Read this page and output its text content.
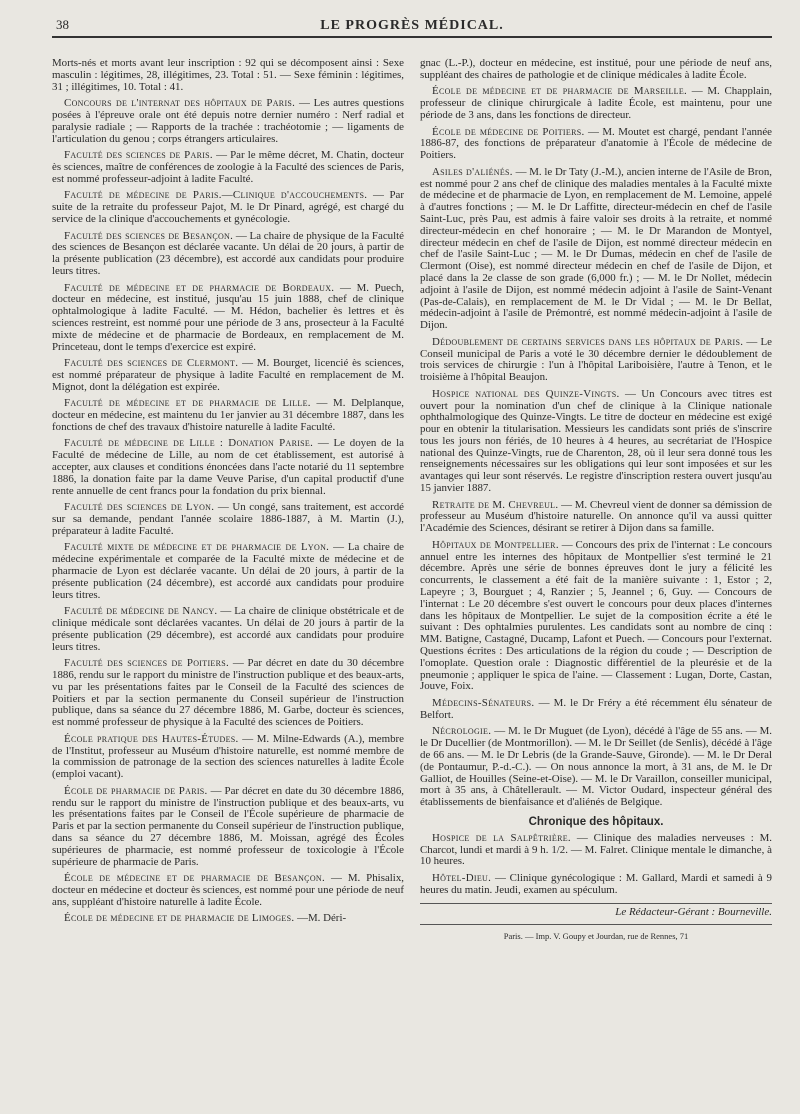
38	LE PROGRÈS MÉDICAL.

Morts-nés et morts avant leur inscription : 92 qui se décomposent ainsi : Sexe masculin : légitimes, 28, illégitimes, 23. Total : 51. — Sexe féminin : légitimes, 31 ; illégitimes, 10. Total : 41.

Concours de l'internat des hôpitaux de Paris. — Les autres questions posées à l'épreuve orale ont été depuis notre dernier numéro : Nerf radial et paralysie radiale ; — Rapports de la trachée : trachéotomie ; — ligaments de l'articulation du genou ; corps étrangers articulaires.

Faculté des sciences de Paris. — Par le même décret, M. Chatin, docteur ès sciences, maître de conférences de zoologie à la Faculté des sciences de Paris, est nommé professeur-adjoint à ladite Faculté.

Faculté de médecine de Paris.—Clinique d'accouchements. — Par suite de la retraite du professeur Pajot, M. le Dr Pinard, agrégé, est chargé du service de la clinique d'accouchements et gynécologie.

Faculté des sciences de Besançon. — La chaire de physique de la Faculté des sciences de Besançon est déclarée vacante. Un délai de 20 jours, à partir de la présente publication (23 décembre), est accordé aux candidats pour produire leurs titres.

Faculté de médecine et de pharmacie de Bordeaux. — M. Puech, docteur en médecine, est institué, jusqu'au 15 juin 1888, chef de clinique ophtalmologique à ladite Faculté. — M. Hédon, bachelier ès lettres et ès sciences restreint, est nommé pour une période de 3 ans, prosecteur à la Faculté mixte de médecine et de pharmacie de Bordeaux, en remplacement de M. Princeteau, dont le temps d'exercice est expiré.

Faculté des sciences de Clermont. — M. Bourget, licencié ès sciences, est nommé préparateur de physique à ladite Faculté en remplacement de M. Mignot, dont la délégation est expirée.

Faculté de médecine et de pharmacie de Lille. — M. Delplanque, docteur en médecine, est maintenu du 1er janvier au 31 décembre 1887, dans les fonctions de chef des travaux d'histoire naturelle à ladite Faculté.

Faculté de médecine de Lille : Donation Parise. — Le doyen de la Faculté de médecine de Lille, au nom de cet établissement, est autorisé à accepter, aux clauses et conditions énoncées dans l'acte notarié du 11 septembre 1886, la donation faite par la dame Veuve Parise, d'un capital productif d'une rente annuelle de cent francs pour la fondation du prix biennal.

Faculté des sciences de Lyon. — Un congé, sans traitement, est accordé sur sa demande, pendant l'année scolaire 1886-1887, à M. Martin (J.), préparateur à ladite Faculté.

Faculté mixte de médecine et de pharmacie de Lyon. — La chaire de médecine expérimentale et comparée de la Faculté mixte de médecine et de pharmacie de Lyon est déclarée vacante. Un délai de 20 jours, à partir de la présente publication (24 décembre), est accordé aux candidats pour produire leurs titres.

Faculté de médecine de Nancy. — La chaire de clinique obstétricale et de clinique médicale sont déclarées vacantes. Un délai de 20 jours à partir de la présente publication (29 décembre), est accordé aux candidats pour produire leurs titres.

Faculté des sciences de Poitiers. — Par décret en date du 30 décembre 1886, rendu sur le rapport du ministre de l'instruction publique et des beaux-arts, vu par les présentations faites par le Conseil de la Faculté des sciences de Poitiers et par la section permanente du Conseil supérieur de l'instruction publique, dans sa séance du 27 décembre 1886, M. Garbe, docteur ès sciences, est nommé professeur de physique à la Faculté des sciences de Poitiers.

École pratique des Hautes-Études. — M. Milne-Edwards (A.), membre de l'Institut, professeur au Muséum d'histoire naturelle, est nommé membre de la commission de patronage de la section des sciences naturelles à ladite École (emploi vacant).

École de pharmacie de Paris. — Par décret en date du 30 décembre 1886, rendu sur le rapport du ministre de l'instruction publique et des beaux-arts, vu les présentations faites par le Conseil de l'École supérieure de pharmacie de Paris et par la section permanente du Conseil supérieur de l'instruction publique, dans sa séance du 27 décembre 1886, M. Moissan, agrégé des Écoles supérieures de pharmacie, est nommé professeur de toxicologie à l'École supérieure de pharmacie de Paris.

École de médecine et de pharmacie de Besançon. — M. Phisalix, docteur en médecine et docteur ès sciences, est nommé pour une période de neuf ans, suppléant d'histoire naturelle à ladite École.

École de médecine et de pharmacie de Limoges. —M. Déri-

gnac (L.-P.), docteur en médecine, est institué, pour une période de neuf ans, suppléant des chaires de pathologie et de clinique médicales à ladite École.

École de médecine et de pharmacie de Marseille. — M. Chapplain, professeur de clinique chirurgicale à ladite École, est maintenu, pour une période de 3 ans, dans les fonctions de directeur.

École de médecine de Poitiers. — M. Moutet est chargé, pendant l'année 1886-87, des fonctions de préparateur d'anatomie à l'École de médecine de Poitiers.

Asiles d'aliénés. — M. le Dr Taty (J.-M.), ancien interne de l'Asile de Bron, est nommé pour 2 ans chef de clinique des maladies mentales à la Faculté mixte de médecine et de pharmacie de Lyon, en remplacement de M. Lemoine, appelé à d'autres fonctions ; — M. le Dr Laffitte, directeur-médecin en chef de l'asile Saint-Luc, près Pau, est admis à faire valoir ses droits à la retraite, et nommé directeur-médecin en chef honoraire ; — M. le Dr Marandon de Montyel, directeur médecin en chef de l'asile de Dijon, est nommé directeur médecin en chef de l'asile Saint-Luc ; — M. le Dr Dumas, médecin en chef de l'asile de Clermont (Oise), est nommé directeur médecin en chef de l'asile de Dijon, et placé dans la 2e classe de son grade (6,000 fr.) ; — M. le Dr Nollet, médecin adjoint à l'asile de Dijon, est nommé médecin adjoint à l'asile de Saint-Venant (Pas-de-Calais), en remplacement de M. le Dr Vidal ; — M. le Dr Bellat, médecin-adjoint à l'asile de Prémontré, est nommé médecin-adjoint à l'asile de Dijon.

Dédoublement de certains services dans les hôpitaux de Paris. — Le Conseil municipal de Paris a voté le 30 décembre dernier le dédoublement de trois services de chirurgie : l'un à l'hôpital Lariboisière, l'autre à Tenon, et le troisième à l'hôpital Beaujon.

Hospice national des Quinze-Vingts. — Un Concours avec titres est ouvert pour la nomination d'un chef de clinique à la Clinique nationale ophthalmologique des Quinze-Vingts. Le titre de docteur en médecine est exigé pour en obtenir la titularisation. Messieurs les candidats sont priés de s'inscrire tous les jours non fériés, de 10 heures à 4 heures, au secrétariat de l'Hospice national des Quinze-Vingts, rue de Charenton, 28, où il leur sera donné tous les renseignements nécessaires sur les obligations qui leur sont imposées et sur les avantages qui leur sont réservés. Le registre d'inscription restera ouvert jusqu'au 15 janvier 1887.

Retraite de M. Chevreul. — M. Chevreul vient de donner sa démission de professeur au Muséum d'histoire naturelle. On annonce qu'il va aussi quitter l'Académie des Sciences, désirant se retirer à Dijon dans sa famille.

Hôpitaux de Montpellier. — Concours des prix de l'internat : Le concours annuel entre les internes des hôpitaux de Montpellier s'est terminé le 21 décembre. Après une série de bonnes épreuves dont le jury a félicité les concurrents, le classement a été fait de la manière suivante : 1, Estor ; 2, Lapeyre ; 3, Bourguet ; 4, Ranzier ; 5, Jeannel ; 6, Guy. — Concours de l'internat : Le 20 décembre s'est ouvert le concours pour deux places d'internes dans les hôpitaux de Montpellier. Le sujet de la composition écrite a été le suivant : Des ophtalmies purulentes. Les candidats sont au nombre de cinq : MM. Batigne, Castagné, Ducamp, Lafont et Puech. — Concours pour l'externat. Questions écrites : Des articulations de la région du coude ; — Description de l'omoplate. Question orale : Diagnostic différentiel de la pleurésie et de la pneumonie ; appliquer le spica de l'aine. — Classement : Lugan, Dorte, Castan, Jouve, Foix.

Médecins-Sénateurs. — M. le Dr Fréry a été récemment élu sénateur de Belfort.

Nécrologie. — M. le Dr Muguet (de Lyon), décédé à l'âge de 55 ans. — M. le Dr Ducellier (de Montmorillon). — M. le Dr Seillet (de Senlis), décédé à l'âge de 66 ans. — M. le Dr Lebris (de la Grande-Sauve, Gironde). — M. le Dr Deral (de Pontaumur, P.-d.-C.). — On nous annonce la mort, à 31 ans, de M. le Dr Galliot, de Houilles (Seine-et-Oise). — M. le Dr Varaillon, conseiller municipal, mort à 35 ans, à Châtellerault. — M. Victor Oudard, inspecteur général des établissements de bienfaisance et d'aliénés de Belgique.

Chronique des hôpitaux.

Hospice de la Salpêtrière. — Clinique des maladies nerveuses : M. Charcot, lundi et mardi à 9 h. 1/2. — M. Falret. Clinique mentale le dimanche, à 10 heures.

Hôtel-Dieu. — Clinique gynécologique : M. Gallard, Mardi et samedi à 9 heures du matin. Jeudi, examen au spéculum.

Le Rédacteur-Gérant : Bourneville.
Paris. — Imp. V. Goupy et Jourdan, rue de Rennes, 71
